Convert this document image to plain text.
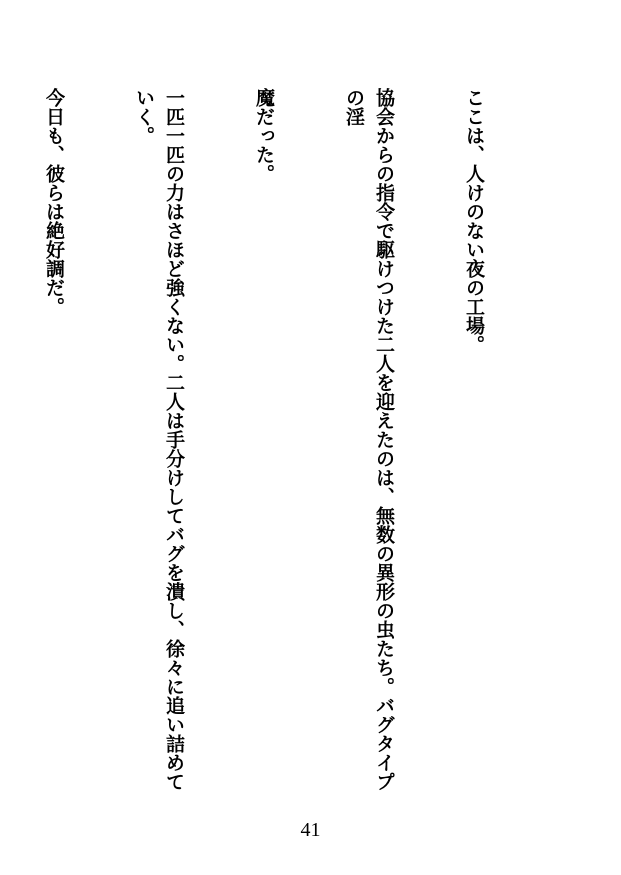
ここは、人けのない夜の工場。

協会からの指令で駆けつけた二人を迎えたのは、無数の異形の虫たち。バグタイプの淫

魔だった。

一匹一匹の力はさほど強くない。二人は手分けしてバグを潰し、徐々に追い詰めていく。

今日も、彼らは絶好調だ。

41
